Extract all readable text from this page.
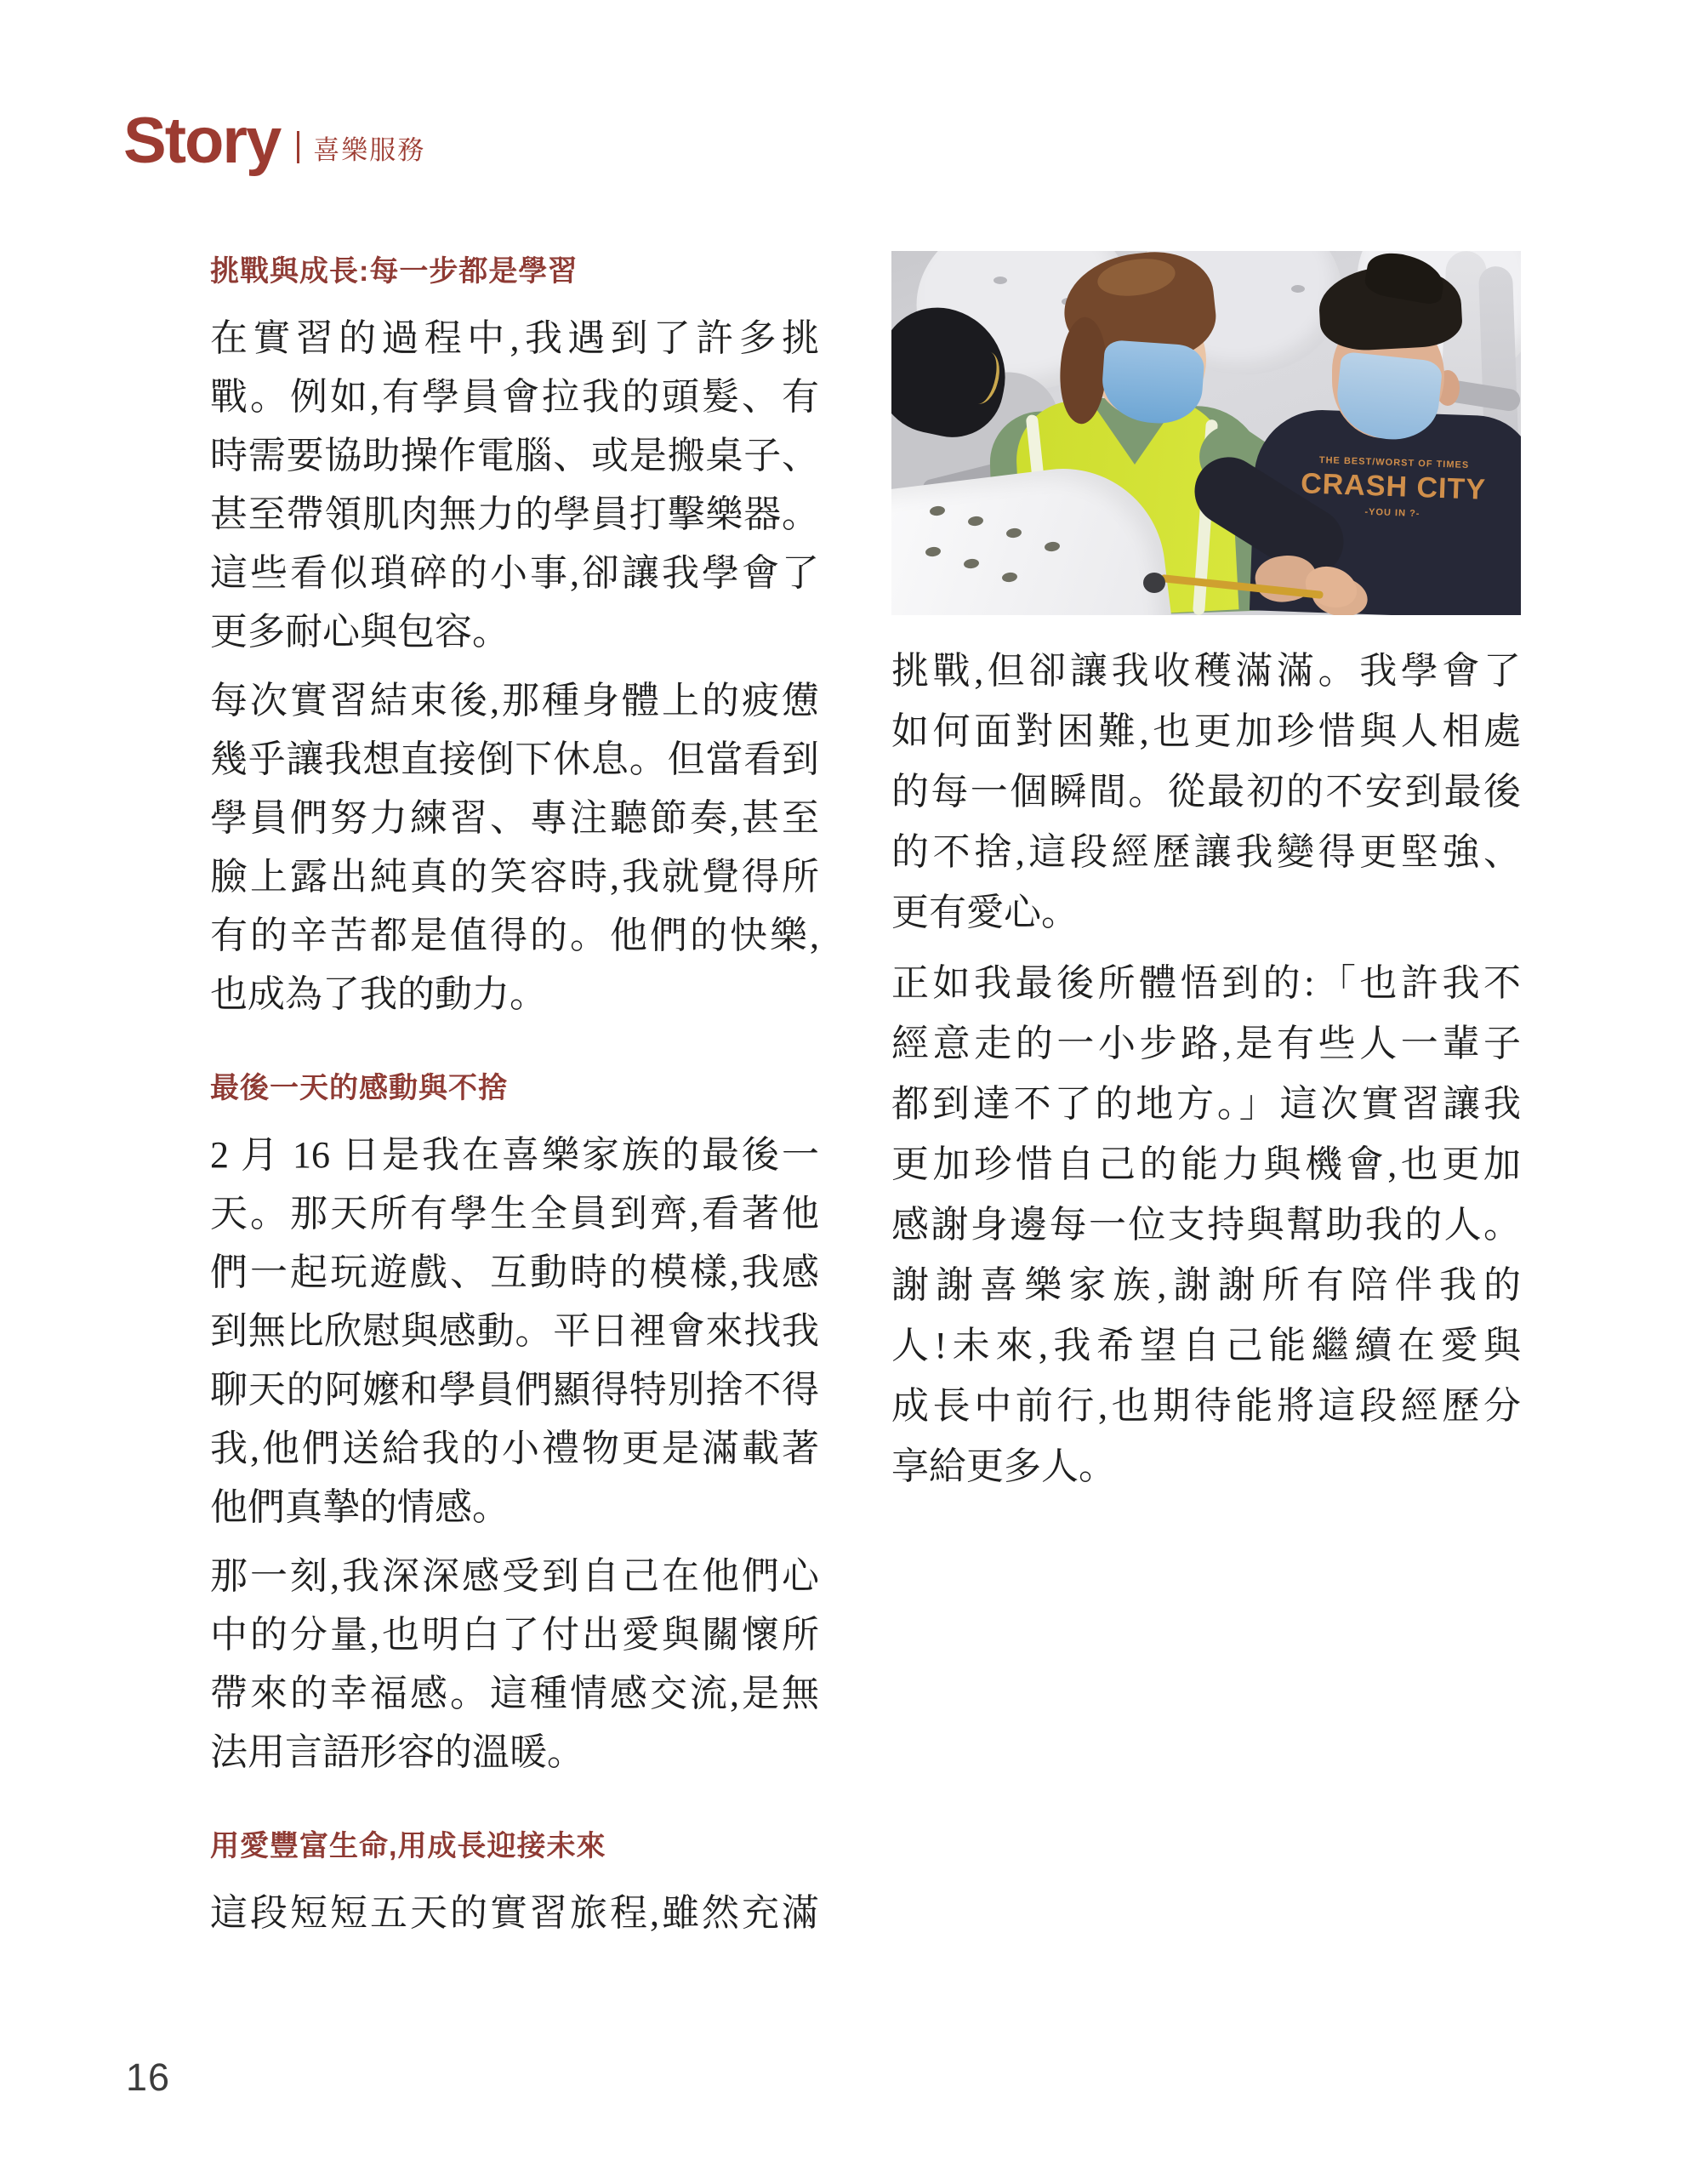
Story 喜樂服務
挑戰與成長:每一步都是學習
在實習的過程中,我遇到了許多挑
戰。例如,有學員會拉我的頭髮、有
時需要協助操作電腦、或是搬桌子、
甚至帶領肌肉無力的學員打擊樂器。
這些看似瑣碎的小事,卻讓我學會了
更多耐心與包容。
每次實習結束後,那種身體上的疲憊
幾乎讓我想直接倒下休息。但當看到
學員們努力練習、專注聽節奏,甚至
臉上露出純真的笑容時,我就覺得所
有的辛苦都是值得的。他們的快樂,
也成為了我的動力。
最後一天的感動與不捨
2 月 16 日是我在喜樂家族的最後一
天。那天所有學生全員到齊,看著他
們一起玩遊戲、互動時的模樣,我感
到無比欣慰與感動。平日裡會來找我
聊天的阿嬤和學員們顯得特別捨不得
我,他們送給我的小禮物更是滿載著
他們真摯的情感。
那一刻,我深深感受到自己在他們心
中的分量,也明白了付出愛與關懷所
帶來的幸福感。這種情感交流,是無
法用言語形容的溫暖。
用愛豐富生命,用成長迎接未來
這段短短五天的實習旅程,雖然充滿
THE BEST/WORST OF TIMES
CRASH CITY
-YOU IN ?-
挑戰,但卻讓我收穫滿滿。我學會了
如何面對困難,也更加珍惜與人相處
的每一個瞬間。從最初的不安到最後
的不捨,這段經歷讓我變得更堅強、
更有愛心。
正如我最後所體悟到的:「也許我不
經意走的一小步路,是有些人一輩子
都到達不了的地方。」這次實習讓我
更加珍惜自己的能力與機會,也更加
感謝身邊每一位支持與幫助我的人。
謝謝喜樂家族,謝謝所有陪伴我的
人!未來,我希望自己能繼續在愛與
成長中前行,也期待能將這段經歷分
享給更多人。
16
